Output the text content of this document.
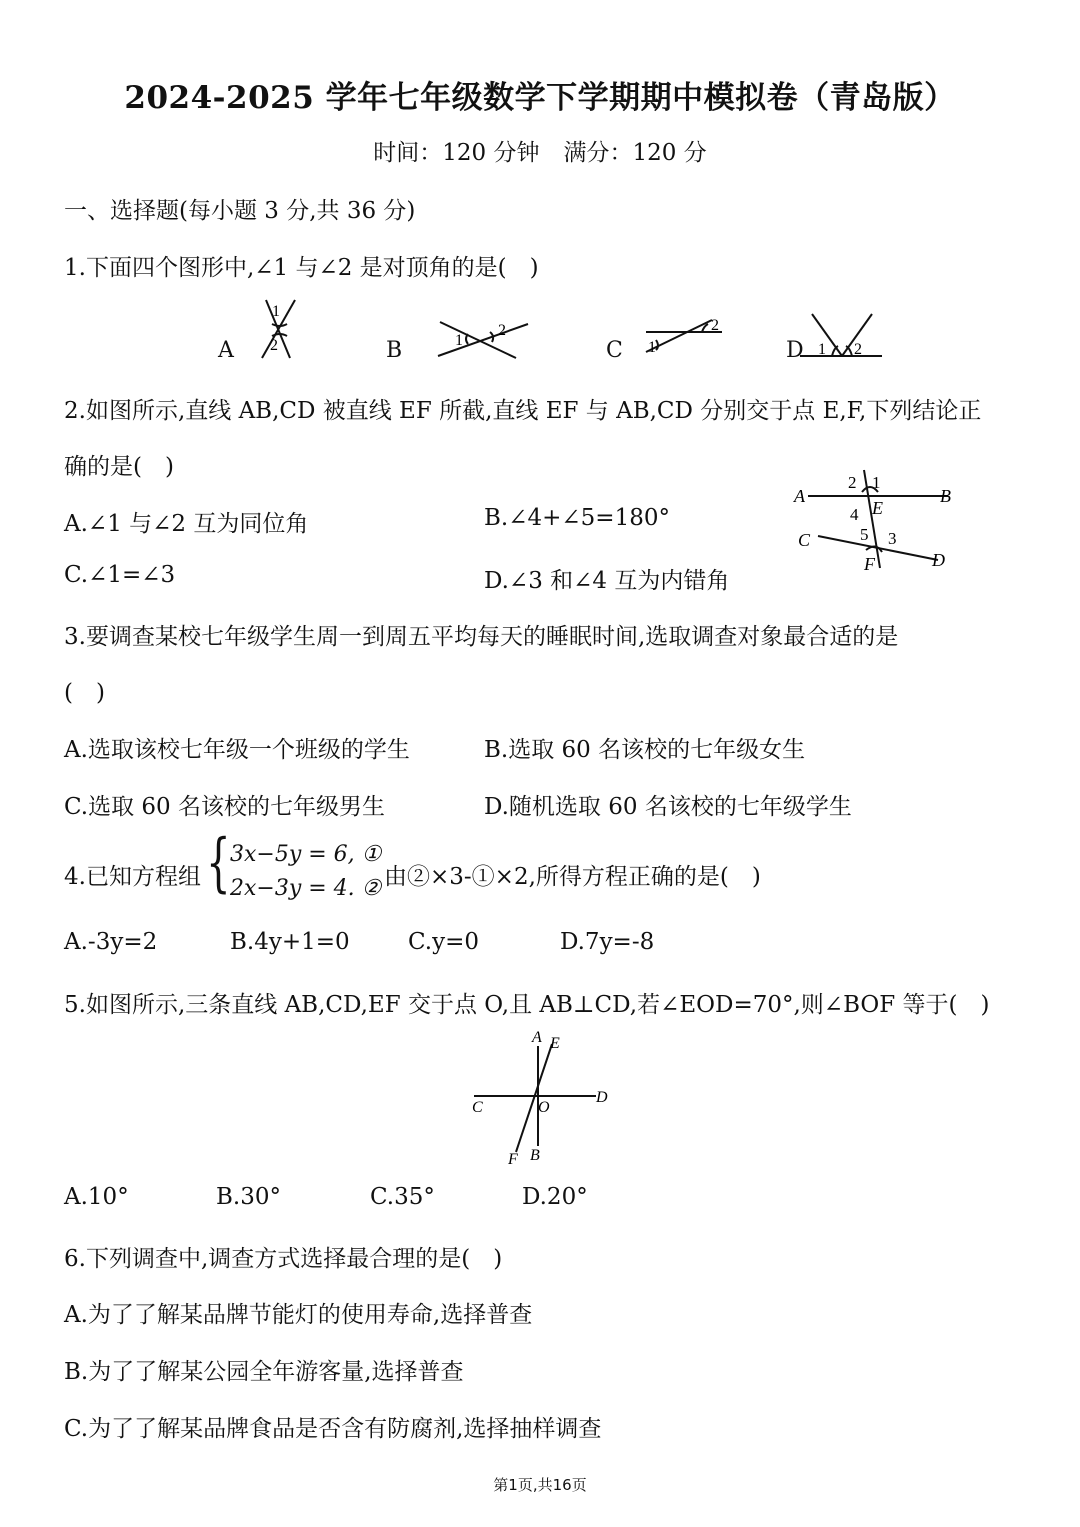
2024-2025 学年七年级数学下学期期中模拟卷（青岛版）
时间：120 分钟 满分：120 分
一、选择题(每小题 3 分,共 36 分)
1.下面四个图形中,∠1 与∠2 是对顶角的是(　)
A	B	C	D
1
2	1
2
1
2
1 2
2.如图所示,直线 AB,CD 被直线 EF 所截,直线 EF 与 AB,CD 分别交于点 E,F,下列结论正
确的是(　)
A.∠1 与∠2 互为同位角	B.∠4+∠5=180°
C.∠1=∠3	D.∠3 和∠4 互为内错角
A	B
C
D
E
F
1
2
3
4
5
3.要调查某校七年级学生周一到周五平均每天的睡眠时间,选取调查对象最合适的是
(　)
A.选取该校七年级一个班级的学生	B.选取 60 名该校的七年级女生
C.选取 60 名该校的七年级男生	D.随机选取 60 名该校的七年级学生
4.已知方程组 { 3x−5y = 6, ①
2x−3y = 4. ② 由②×3-①×2,所得方程正确的是(　)
A.-3y=2	B.4y+1=0	C.y=0	D.7y=-8
5.如图所示,三条直线 AB,CD,EF 交于点 O,且 AB⊥CD,若∠EOD=70°,则∠BOF 等于(　)
A E
C	O
D
F B
A.10°	B.30°	C.35°	D.20°
6.下列调查中,调查方式选择最合理的是(　)
A.为了了解某品牌节能灯的使用寿命,选择普查
B.为了了解某公园全年游客量,选择普查
C.为了了解某品牌食品是否含有防腐剂,选择抽样调查
第1页,共16页
